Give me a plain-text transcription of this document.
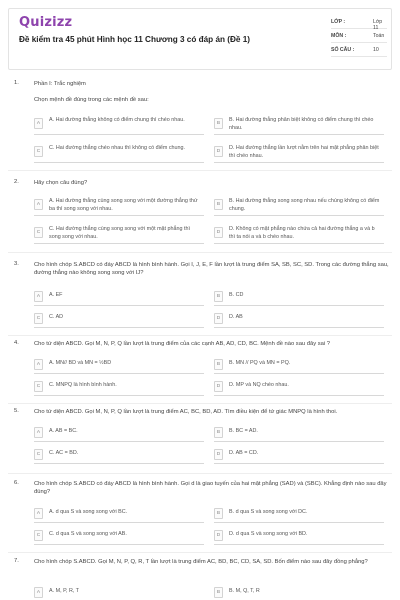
Quizizz
Đề kiểm tra 45 phút Hình học 11 Chương 3 có đáp án (Đề 1)
LỚP :	Lớp 11
MÔN :	Toán
SỐ CÂU :	10
1.	Phần I: Trắc nghiệm
Chọn mệnh đề đúng trong các mệnh đề sau:
A
A. Hai đường thẳng không có điểm chung thì chéo nhau.
B
B. Hai đường thẳng phân biệt không có điểm chung thì chéo nhau.
C
C. Hai đường thẳng chéo nhau thì không có điểm chung.
D
D. Hai đường thẳng lần lượt nằm trên hai mặt phẳng phân biệt thì chéo nhau.
2.	Hãy chọn câu đúng?
A
A. Hai đường thẳng cùng song song với một đường thẳng thứ ba thì song song với nhau.
B
B. Hai đường thẳng song song nhau nếu chúng không có điểm chung.
C
C. Hai đường thẳng cùng song song với một mặt phẳng thì song song với nhau.
D
D. Không có mặt phẳng nào chứa cả hai đường thẳng a và b thì ta nói a và b chéo nhau.
3.	Cho hình chóp S.ABCD có đáy ABCD là hình bình hành. Gọi I, J, E, F lần lượt là trung điểm SA, SB, SC, SD. Trong các đường thẳng sau, đường thẳng nào không song song với IJ?
A	A. EF	B	B. CD
C	C. AD	D	D. AB
4.	Cho tứ diện ABCD. Gọi M, N, P, Q lần lượt là trung điểm của các cạnh AB, AD, CD, BC. Mệnh đề nào sau đây sai ?
A	A. MN// BD và MN = ½BD	B	B. MN // PQ và MN = PQ.
C	C. MNPQ là hình bình hành.	D	D. MP và NQ chéo nhau.
5.	Cho tứ diện ABCD. Gọi M, N, P, Q lần lượt là trung điểm AC, BC, BD, AD. Tìm điều kiện để tứ giác MNPQ là hình thoi.
A	A. AB = BC.	B	B. BC = AD.
C	C. AC = BD.	D	D. AB = CD.
6.	Cho hình chóp S.ABCD có đáy ABCD là hình bình hành. Gọi d là giao tuyến của hai mặt phẳng (SAD) và (SBC). Khẳng định nào sau đây đúng?
A	A. d qua S và song song với BC.	B	B. d qua S và song song với DC.
C	C. d qua S và song song với AB.	D	D. d qua S và song song với BD.
7.	Cho hình chóp S.ABCD. Gọi M, N, P, Q, R, T lần lượt là trung điểm AC, BD, BC, CD, SA, SD. Bốn điểm nào sau đây đồng phẳng?
A	A. M, P, R, T	B	B. M, Q, T, R
